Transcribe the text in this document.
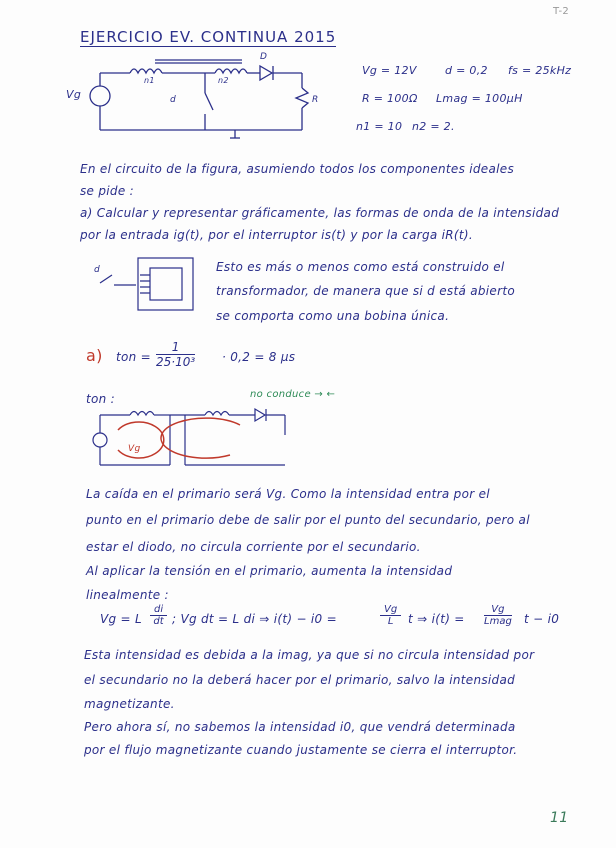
T-2
EJERCICIO EV. CONTINUA 2015
Vg
n1	n2
d
D
R
Vg = 12V	d = 0,2 fs = 25kHz
R = 100Ω Lmag = 100µH
n1 = 10 n2 = 2.
En el circuito de la figura, asumiendo todos los componentes ideales
se pide :
a) Calcular y representar gráficamente, las formas de onda de la intensidad
por la entrada ig(t), por el interruptor is(t) y por la carga iR(t).
d	Esto es más o menos como está construido el
transformador, de manera que si d está abierto
se comporta como una bobina única.
a) ton = $\frac{1}{\text{25·10³}} \cdot 0,2 = 8$ µs
ton :	no conduce → ←
Vg
La caída en el primario será Vg. Como la intensidad entra por el
punto en el primario debe de salir por el punto del secundario, pero al
estar el diodo, no circula corriente por el secundario.
Al aplicar la tensión en el primario, aumenta la intensidad
linealmente :
Vg = L $\frac{di}{dt}$ ; Vg dt = L di ⇒ i(t) − i0 =	$\frac{Vg}{L}$ t ⇒ i(t) =
Vg
Lmag t − i0
Esta intensidad es debida a la imag, ya que si no circula intensidad por
el secundario no la deberá hacer por el primario, salvo la intensidad
magnetizante.
Pero ahora sí, no sabemos la intensidad i0, que vendrá determinada
por el flujo magnetizante cuando justamente se cierra el interruptor.
11
